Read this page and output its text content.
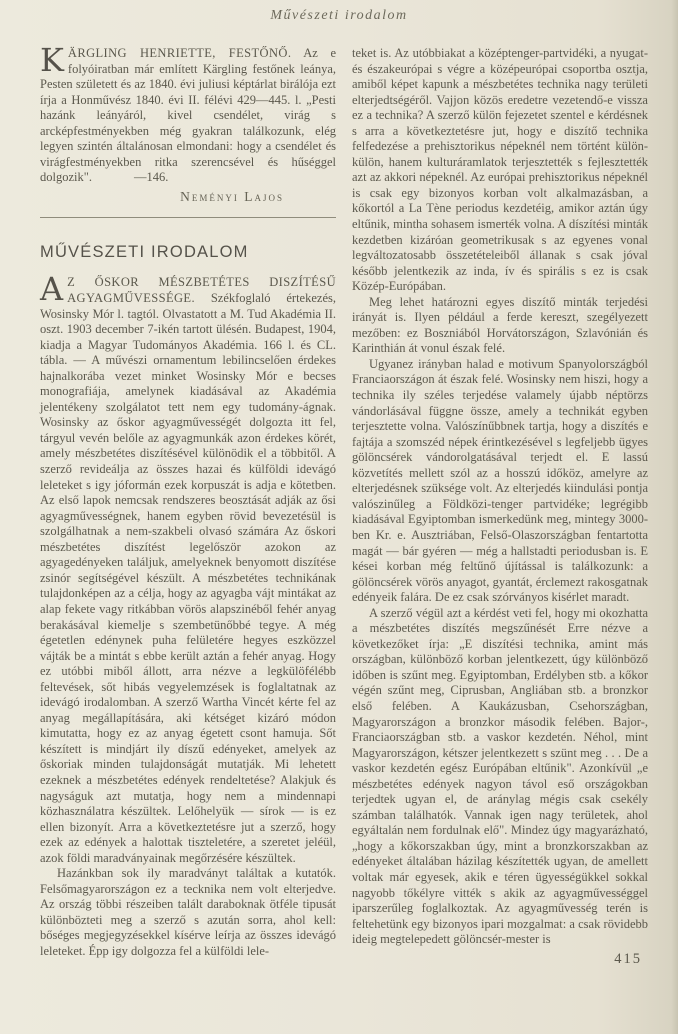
Művészeti irodalom

KÄRGLING HENRIETTE, FESTŐNŐ. Az e folyóiratban már említett Kärgling festőnek leánya, Pesten született és az 1840. évi juliusi képtárlat birálója ezt írja a Honművész 1840. évi II. félévi 429—445. l. „Pesti hazánk leányáról, kivel csendélet, virág s arcképfestményekben még gyakran találkozunk, elég legyen szintén általánosan elmondani: hogy a csendélet és virágfestményekben ritka szerencsével és hűséggel dolgozik".	—146.

Neményi Lajos

MŰVÉSZETI IRODALOM

A Z ŐSKOR MÉSZBETÉTES DISZÍTÉSŰ AGYAGMŰVESSÉGE. Székfoglaló értekezés, Wosinsky Mór l. tagtól. Olvastatott a M. Tud Akadémia II. oszt. 1903 december 7-ikén tartott ülésén. Budapest, 1904, kiadja a Magyar Tudományos Akadémia. 166 l. és CL. tábla. — A művészi ornamentum lebilincselően érdekes hajnalkorába vezet minket Wosinsky Mór e becses monografiája, amelynek kiadásával az Akadémia jelentékeny szolgálatot tett nem egy tudomány-ágnak. Wosinsky az őskor agyagművességét dolgozta itt fel, tárgyul vevén belőle az agyagmunkák azon érdekes körét, amely mészbetétes diszítésével különödik el a többitől. A szerző revideálja az összes hazai és külföldi idevágó leleteket s igy jóformán ezek korpuszát is adja e kötetben. Az első lapok nemcsak rendszeres beosztását adják az ősi agyagművességnek, hanem egyben rövid bevezetésül is szolgálhatnak a nem-szakbeli olvasó számára Az őskori mészbetétes diszítést legelőször azokon az agyagedényeken találjuk, amelyeknek benyomott diszítése zsinór segítségével készült. A mészbetétes technikának tulajdonképen az a célja, hogy az agyagba vájt mintákat az alap fekete vagy ritkábban vörös alapszinéből fehér anyag berakásával kiemelje s szembetünőbbé tegye. A még égetetlen edénynek puha felületére hegyes eszközzel vájták be a mintát s ebbe került aztán a fehér anyag. Hogy ez utóbbi miből állott, arra nézve a legkülöfélébb feltevések, sőt hibás vegyelemzések is foglaltatnak az idevágó irodalomban. A szerző Wartha Vincét kérte fel az anyag megállapítására, aki kétséget kizáró módon kimutatta, hogy ez az anyag égetett csont hamuja. Sőt készített is mindjárt ily díszű edényeket, amelyek az őskoriak minden tulajdonságát mutatják. Mi lehetett ezeknek a mészbetétes edények rendeltetése? Alakjuk és nagyságuk azt mutatja, hogy nem a mindennapi közhasználatra készültek. Lelőhelyük — sírok — is ez ellen bizonyít. Arra a következtetésre jut a szerző, hogy ezek az edények a halottak tiszteletére, a szeretet jeléül, azok földi maradványainak megőrzésére készültek.

Hazánkban sok ily maradványt találtak a kutatók. Felsőmagyarországon ez a tecknika nem volt elterjedve. Az ország többi részeiben talált daraboknak ötféle tipusát különbözteti meg a szerző s azután sorra, ahol kell: bőséges megjegyzésekkel kísérve leírja az összes idevágó leleteket. Épp igy dolgozza fel a külföldi lele-

teket is. Az utóbbiakat a középtenger-partvidéki, a nyugat- és északeurópai s végre a középeurópai csoportba osztja, amiből képet kapunk a mészbetétes technika nagy területi elterjedtségéről. Vajjon közös eredetre vezetendő-e vissza ez a technika? A szerző külön fejezetet szentel e kérdésnek s arra a következtetésre jut, hogy e diszítő technika felfedezése a prehisztorikus népeknél nem történt külön-külön, hanem kulturáramlatok terjesztették s fejlesztették azt az akkori népeknél. Az európai prehisztorikus népeknél is csak egy bizonyos korban volt alkalmazásban, a kőkortól a La Tène periodus kezdetéig, amikor aztán úgy eltűnik, mintha sohasem ismerték volna. A díszítési minták kezdetben kizáróan geometrikusak s az egyenes vonal legváltozatosabb összetételeiből állanak s csak jóval később jelentkezik az inda, ív és spirális s ez is csak Közép-Európában.

Meg lehet határozni egyes diszítő minták terjedési irányát is. Ilyen például a ferde kereszt, szegélyezett mezőben: ez Boszniából Horvátországon, Szlavónián és Karinthián át vonul észak felé.

Ugyanez irányban halad e motivum Spanyolországból Franciaországon át észak felé. Wosinsky nem hiszi, hogy a technika ily széles terjedése valamely újabb néptörzs vándorlásával függne össze, amely a technikát egyben terjesztette volna. Valószínűbbnek tartja, hogy a diszítés e fajtája a szomszéd népek érintkezésével s legfeljebb ügyes gölöncsérek vándorolgatásával terjedt el. E lassú közvetítés mellett szól az a hosszú időköz, amelyre az elterjedésnek szüksége volt. Az elterjedés kiindulási pontja valószinűleg a Földközi-tenger partvidéke; legrégibb kiadásával Egyiptomban ismerkedünk meg, mintegy 3000-ben Kr. e. Ausztriában, Felső-Olaszországban fentartotta magát — bár gyéren — még a hallstadti periodusban is. E kései korban még feltűnő újítással is találkozunk: a gölöncsérek vörös anyagot, gyantát, érclemezt rakosgatnak edényeik falára. De ez csak szórványos kisérlet maradt.

A szerző végül azt a kérdést veti fel, hogy mi okozhatta a mészbetétes diszítés megszűnését Erre nézve a következőket írja: „E diszítési technika, amint más országban, különböző korban jelentkezett, úgy különböző időben is szűnt meg. Egyiptomban, Erdélyben stb. a kőkor végén szűnt meg, Ciprusban, Angliában stb. a bronzkor első felében. A Kaukázusban, Csehországban, Magyarországon a bronzkor második felében. Bajor-, Franciaországban stb. a vaskor kezdetén. Néhol, mint Magyarországon, kétszer jelentkezett s szünt meg . . . De a vaskor kezdetén egész Európában eltűnik". Azonkívül „e mészbetétes edények nagyon távol eső országokban terjedtek ugyan el, de aránylag mégis csak csekély számban találhatók. Vannak igen nagy területek, ahol egyáltalán nem fordulnak elő". Mindez úgy magyarázható, „hogy a kőkorszakban úgy, mint a bronzkorszakban az edényeket általában házilag készítették ugyan, de amellett voltak már egyesek, akik e téren ügyességükkel sokkal nagyobb tőkélyre vitték s akik az agyagművességgel iparszerűleg foglalkoztak. Az agyagművesség terén is feltehetünk egy bizonyos ipari mozgalmat: a csak rövidebb ideig megtelepedett gölöncsér-mester is

415
